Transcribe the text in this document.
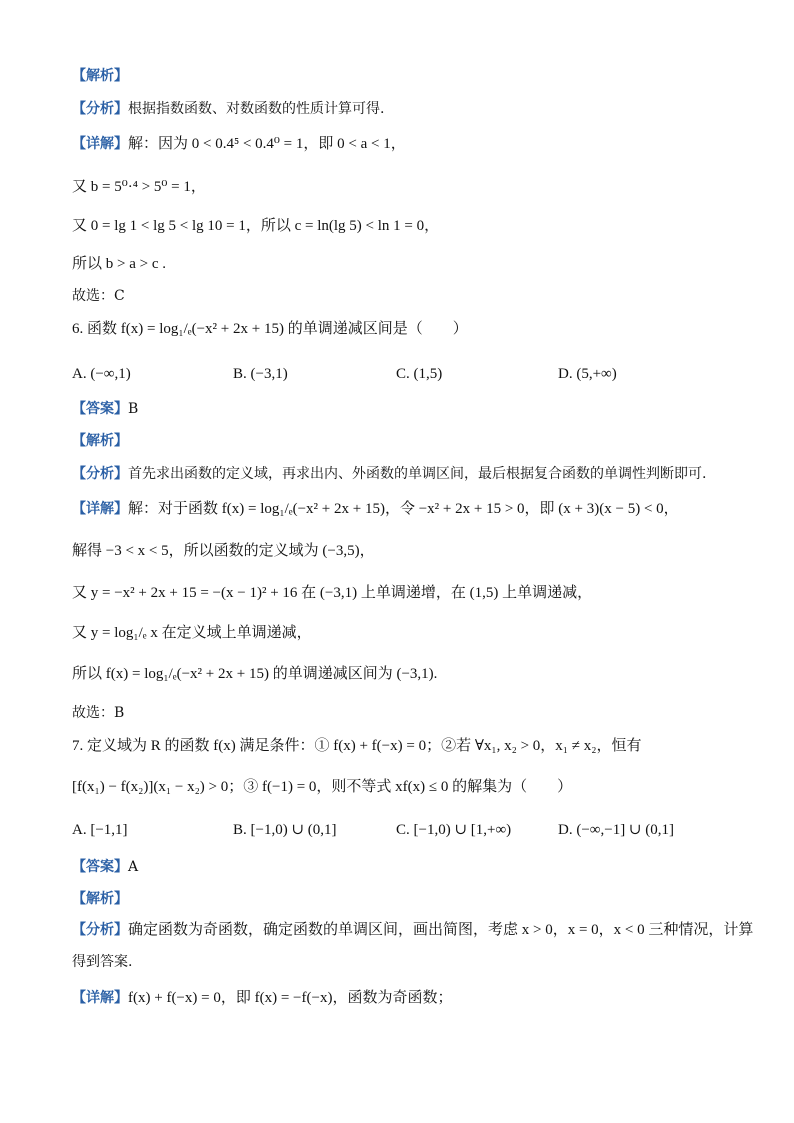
【解析】
【分析】根据指数函数、对数函数的性质计算可得.
【详解】解：因为 0 < 0.4⁵ < 0.4⁰ = 1，即 0 < a < 1，
又 b = 5⁰·⁴ > 5⁰ = 1，
又 0 = lg 1 < lg 5 < lg 10 = 1，所以 c = ln(lg 5) < ln 1 = 0，
所以 b > a > c .
故选：C
6. 函数 f(x) = log₁/ₑ(−x² + 2x + 15) 的单调递减区间是（　　）
A. (−∞,1)	B. (−3,1)	C. (1,5)	D. (5,+∞)
【答案】B
【解析】
【分析】首先求出函数的定义域，再求出内、外函数的单调区间，最后根据复合函数的单调性判断即可.
【详解】解：对于函数 f(x) = log₁/ₑ(−x² + 2x + 15)，令 −x² + 2x + 15 > 0，即 (x + 3)(x − 5) < 0，
解得 −3 < x < 5，所以函数的定义域为 (−3,5)，
又 y = −x² + 2x + 15 = −(x − 1)² + 16 在 (−3,1) 上单调递增，在 (1,5) 上单调递减，
又 y = log₁/ₑ x 在定义域上单调递减，
所以 f(x) = log₁/ₑ(−x² + 2x + 15) 的单调递减区间为 (−3,1).
故选：B
7. 定义域为 R 的函数 f(x) 满足条件：① f(x) + f(−x) = 0；②若 ∀x₁, x₂ > 0，x₁ ≠ x₂，恒有
[f(x₁) − f(x₂)](x₁ − x₂) > 0；③ f(−1) = 0，则不等式 xf(x) ≤ 0 的解集为（　　）
A. [−1,1]	B. [−1,0) ∪ (0,1]	C. [−1,0) ∪ [1,+∞)	D. (−∞,−1] ∪ (0,1]
【答案】A
【解析】
【分析】确定函数为奇函数，确定函数的单调区间，画出简图，考虑 x > 0，x = 0，x < 0 三种情况，计算
得到答案.
【详解】f(x) + f(−x) = 0，即 f(x) = −f(−x)，函数为奇函数；
